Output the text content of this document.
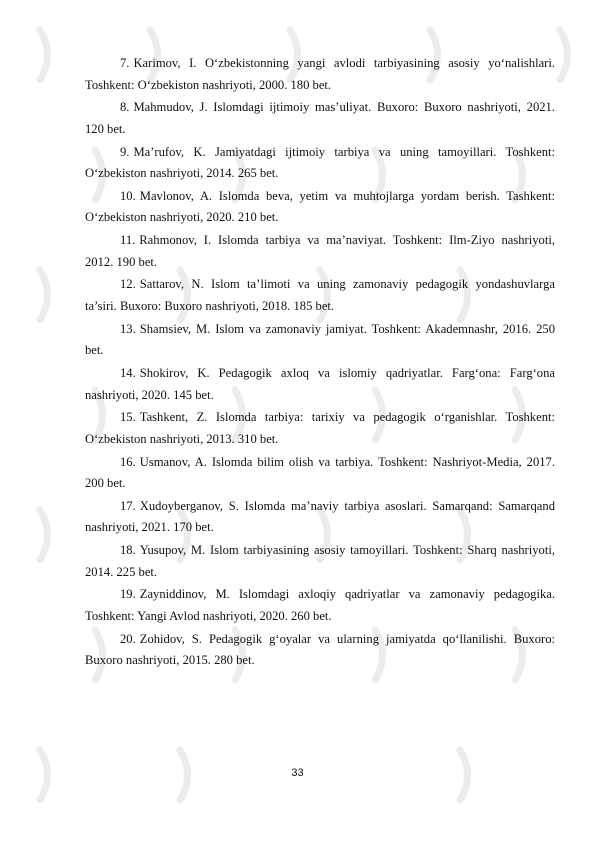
7. Karimov, I. O‘zbekistonning yangi avlodi tarbiyasining asosiy yo‘nalishlari. Toshkent: O‘zbekiston nashriyoti, 2000. 180 bet.
8. Mahmudov, J. Islomdagi ijtimoiy mas’uliyat. Buxoro: Buxoro nashriyoti, 2021. 120 bet.
9. Ma’rufov, K. Jamiyatdagi ijtimoiy tarbiya va uning tamoyillari. Toshkent: O‘zbekiston nashriyoti, 2014. 265 bet.
10. Mavlonov, A. Islomda beva, yetim va muhtojlarga yordam berish. Tashkent: O‘zbekiston nashriyoti, 2020. 210 bet.
11. Rahmonov, I. Islomda tarbiya va ma’naviyat. Toshkent: Ilm-Ziyo nashriyoti, 2012. 190 bet.
12. Sattarov, N. Islom ta’limoti va uning zamonaviy pedagogik yondashuvlarga ta’siri. Buxoro: Buxoro nashriyoti, 2018. 185 bet.
13. Shamsiev, M. Islom va zamonaviy jamiyat. Toshkent: Akademnashr, 2016. 250 bet.
14. Shokirov, K. Pedagogik axloq va islomiy qadriyatlar. Farg‘ona: Farg‘ona nashriyoti, 2020. 145 bet.
15. Tashkent, Z. Islomda tarbiya: tarixiy va pedagogik o‘rganishlar. Toshkent: O‘zbekiston nashriyoti, 2013. 310 bet.
16. Usmanov, A. Islomda bilim olish va tarbiya. Toshkent: Nashriyot-Media, 2017. 200 bet.
17. Xudoyberganov, S. Islomda ma’naviy tarbiya asoslari. Samarqand: Samarqand nashriyoti, 2021. 170 bet.
18. Yusupov, M. Islom tarbiyasining asosiy tamoyillari. Toshkent: Sharq nashriyoti, 2014. 225 bet.
19. Zayniddinov, M. Islomdagi axloqiy qadriyatlar va zamonaviy pedagogika. Toshkent: Yangi Avlod nashriyoti, 2020. 260 bet.
20. Zohidov, S. Pedagogik g‘oyalar va ularning jamiyatda qo‘llanilishi. Buxoro: Buxoro nashriyoti, 2015. 280 bet.
33
